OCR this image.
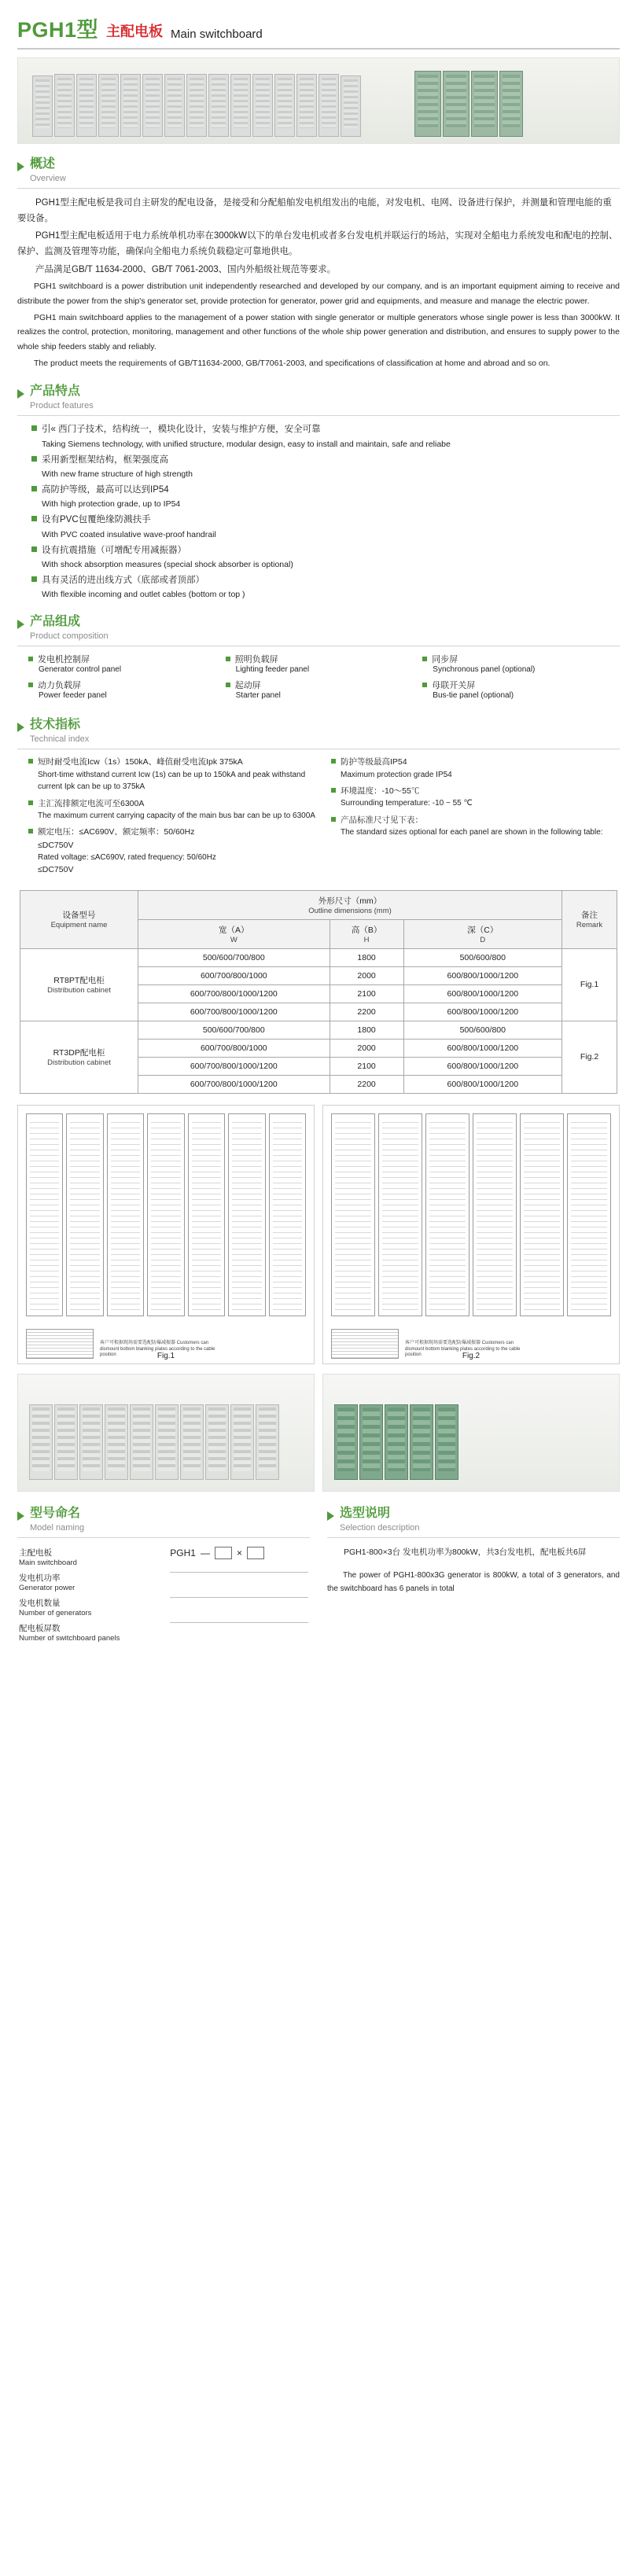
PGH1型 主配电板 Main switchboard
概述
Overview

PGH1型主配电板是我司自主研发的配电设备，是接受和分配船舶发电机组发出的电能，对发电机、电网、设备进行保护，并测量和管理电能的重要设备。

PGH1型主配电板适用于电力系统单机功率在3000kW以下的单台发电机或者多台发电机并联运行的场站，实现对全船电力系统发电和配电的控制、保护、监测及管理等功能，确保向全船电力系统负载稳定可靠地供电。

产品满足GB/T 11634-2000、GB/T 7061-2003、国内外船级社规范等要求。

PGH1 switchboard is a power distribution unit independently researched and developed by our company, and is an important equipment aiming to receive and distribute the power from the ship's generator set, provide protection for generator, power grid and equipments, and measure and manage the electric power.

PGH1 main switchboard applies to the management of a power station with single generator or multiple generators whose single power is less than 3000kW. It realizes the control, protection, monitoring, management and other functions of the whole ship power generation and distribution, and ensures to supply power to the whole ship feeders stably and reliably.

The product meets the requirements of GB/T11634-2000, GB/T7061-2003, and specifications of classification at home and abroad and so on.

产品特点
Product features
引« 西门子技术，结构统一，模块化设计，安装与维护方便，安全可靠
Taking Siemens technology, with unified structure, modular design, easy to install and maintain, safe and reliabe
采用新型框架结构，框架强度高
With new frame structure of high strength
高防护等级，最高可以达到IP54
With high protection grade, up to IP54
设有PVC包覆绝缘防溅扶手
With PVC coated insulative wave-proof handrail
设有抗震措施（可增配专用减振器）
With shock absorption measures (special shock absorber is optional)
具有灵活的进出线方式（底部或者顶部）
With flexible incoming and outlet cables (bottom or top )
产品组成
Product composition
发电机控制屏
Generator control panel
照明负载屏
Lighting feeder panel
同步屏
Synchronous panel (optional)
动力负载屏
Power feeder panel
起动屏
Starter panel
母联开关屏
Bus-tie panel (optional)
技术指标
Technical index
短时耐受电流Icw（1s）150kA、峰值耐受电流Ipk 375kA
Short-time withstand current Icw (1s) can be up to 150kA and peak withstand current Ipk can be up to 375kA
主汇流排额定电流可至6300A
The maximum current carrying capacity of the main bus bar can be up to 6300A
额定电压：≤AC690V、额定频率：50/60Hz
≤DC750V
Rated voltage: ≤AC690V, rated frequency: 50/60Hz
≤DC750V
防护等级最高IP54
Maximum protection grade IP54
环境温度：-10～55℃
Surrounding temperature: -10 ~ 55 ℃
产品标准尺寸见下表：
The standard sizes optional for each panel are shown in the following table:
设备型号
Equipment name	外形尺寸（mm）
Outline dimensions (mm)			备注
Remark

	宽（A）
W	高（B）
H	深（C）
D	

RT8PT配电柜
Distribution cabinet	500/600/700/800	1800	500/600/800	Fig.1
	600/700/800/1000	2000	600/800/1000/1200	
	600/700/800/1000/1200	2100	600/800/1000/1200	
	600/700/800/1000/1200	2200	600/800/1000/1200	

RT3DP配电柜
Distribution cabinet	500/600/700/800	1800	500/600/800	Fig.2
	600/700/800/1000	2000	600/800/1000/1200	
	600/700/800/1000/1200	2100	600/800/1000/1200	
	600/700/800/1000/1200	2200	600/800/1000/1200	
客户可根据现场需要选配防爆减振器 Customers can dismount bottom blanking plates according to the cable position	Fig.1
客户可根据现场需要选配防爆减振器 Customers can dismount bottom blanking plates according to the cable position	Fig.2
型号命名
Model naming
主配电板
Main switchboard

PGH1 —	×

发电机功率
Generator power	

发电机数量
Number of generators	

配电板屏数
Number of switchboard panels	

选型说明
Selection description

PGH1-800×3台 发电机功率为800kW，共3台发电机，配电板共6屏

The power of PGH1-800x3G generator is 800kW, a total of 3 generators, and the switchboard has 6 panels in total
